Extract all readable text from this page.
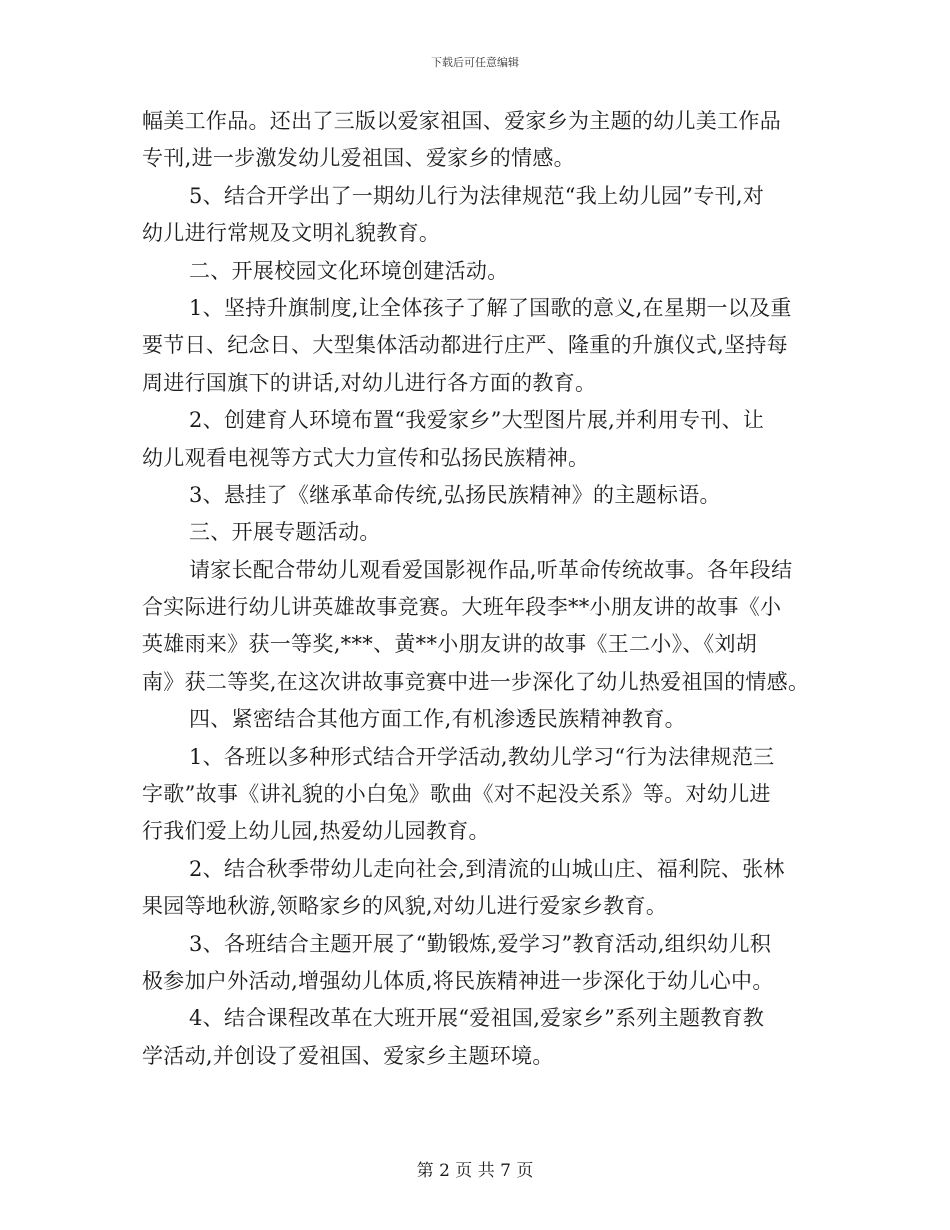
下载后可任意编辑
幅美工作品。还出了三版以爱家祖国、爱家乡为主题的幼儿美工作品
专刊,进一步激发幼儿爱祖国、爱家乡的情感。
5、结合开学出了一期幼儿行为法律规范“我上幼儿园”专刊,对
幼儿进行常规及文明礼貌教育。
二、开展校园文化环境创建活动。
1、坚持升旗制度,让全体孩子了解了国歌的意义,在星期一以及重
要节日、纪念日、大型集体活动都进行庄严、隆重的升旗仪式,坚持每
周进行国旗下的讲话,对幼儿进行各方面的教育。
2、创建育人环境布置“我爱家乡”大型图片展,并利用专刊、让
幼儿观看电视等方式大力宣传和弘扬民族精神。
3、悬挂了《继承革命传统,弘扬民族精神》的主题标语。
三、开展专题活动。
请家长配合带幼儿观看爱国影视作品,听革命传统故事。各年段结
合实际进行幼儿讲英雄故事竞赛。大班年段李**小朋友讲的故事《小
英雄雨来》获一等奖,***、黄**小朋友讲的故事《王二小》、《刘胡
南》获二等奖,在这次讲故事竞赛中进一步深化了幼儿热爱祖国的情感。
四、紧密结合其他方面工作,有机渗透民族精神教育。
1、各班以多种形式结合开学活动,教幼儿学习“行为法律规范三
字歌”故事《讲礼貌的小白兔》歌曲《对不起没关系》等。对幼儿进
行我们爱上幼儿园,热爱幼儿园教育。
2、结合秋季带幼儿走向社会,到清流的山城山庄、福利院、张林
果园等地秋游,领略家乡的风貌,对幼儿进行爱家乡教育。
3、各班结合主题开展了“勤锻炼,爱学习”教育活动,组织幼儿积
极参加户外活动,增强幼儿体质,将民族精神进一步深化于幼儿心中。
4、结合课程改革在大班开展“爱祖国,爱家乡”系列主题教育教
学活动,并创设了爱祖国、爱家乡主题环境。
第 2 页 共 7 页
